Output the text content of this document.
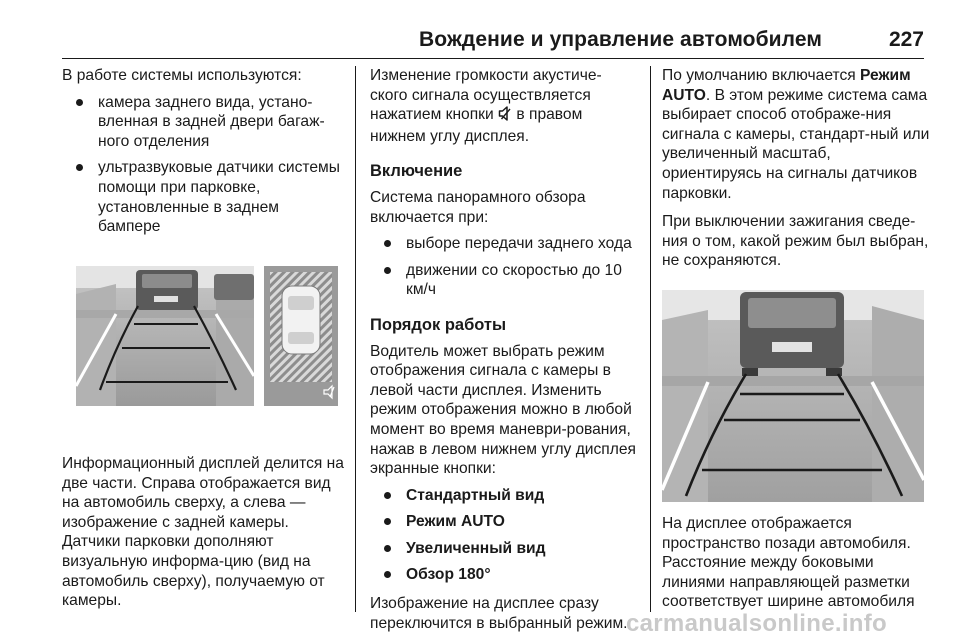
Вождение и управление автомобилем	227

В работе системы используются:

камера заднего вида, устано-вленная в задней двери багаж-ного отделения
ультразвуковые датчики системы помощи при парковке, установленные в заднем бампере

Информационный дисплей делится на две части. Справа отображается вид на автомобиль сверху, а слева — изображение с задней камеры. Датчики парковки дополняют визуальную информа-цию (вид на автомобиль сверху), получаемую от камеры.

Изменение громкости акустиче-ского сигнала осуществляется нажатием кнопки  в правом нижнем углу дисплея.

Включение

Система панорамного обзора включается при:

выборе передачи заднего хода
движении со скоростью до 10 км/ч
Порядок работы

Водитель может выбрать режим отображения сигнала с камеры в левой части дисплея. Изменить режим отображения можно в любой момент во время маневри-рования, нажав в левом нижнем углу дисплея экранные кнопки:

Стандартный вид
Режим AUTO
Увеличенный вид
Обзор 180°

Изображение на дисплее сразу переключится в выбранный режим.

По умолчанию включается Режим AUTO. В этом режиме система сама выбирает способ отображе-ния сигнала с камеры, стандарт-ный или увеличенный масштаб, ориентируясь на сигналы датчиков парковки.

При выключении зажигания сведе-ния о том, какой режим был выбран, не сохраняются.

На дисплее отображается пространство позади автомобиля. Расстояние между боковыми линиями направляющей разметки соответствует ширине автомобиля

carmanualsonline.info
